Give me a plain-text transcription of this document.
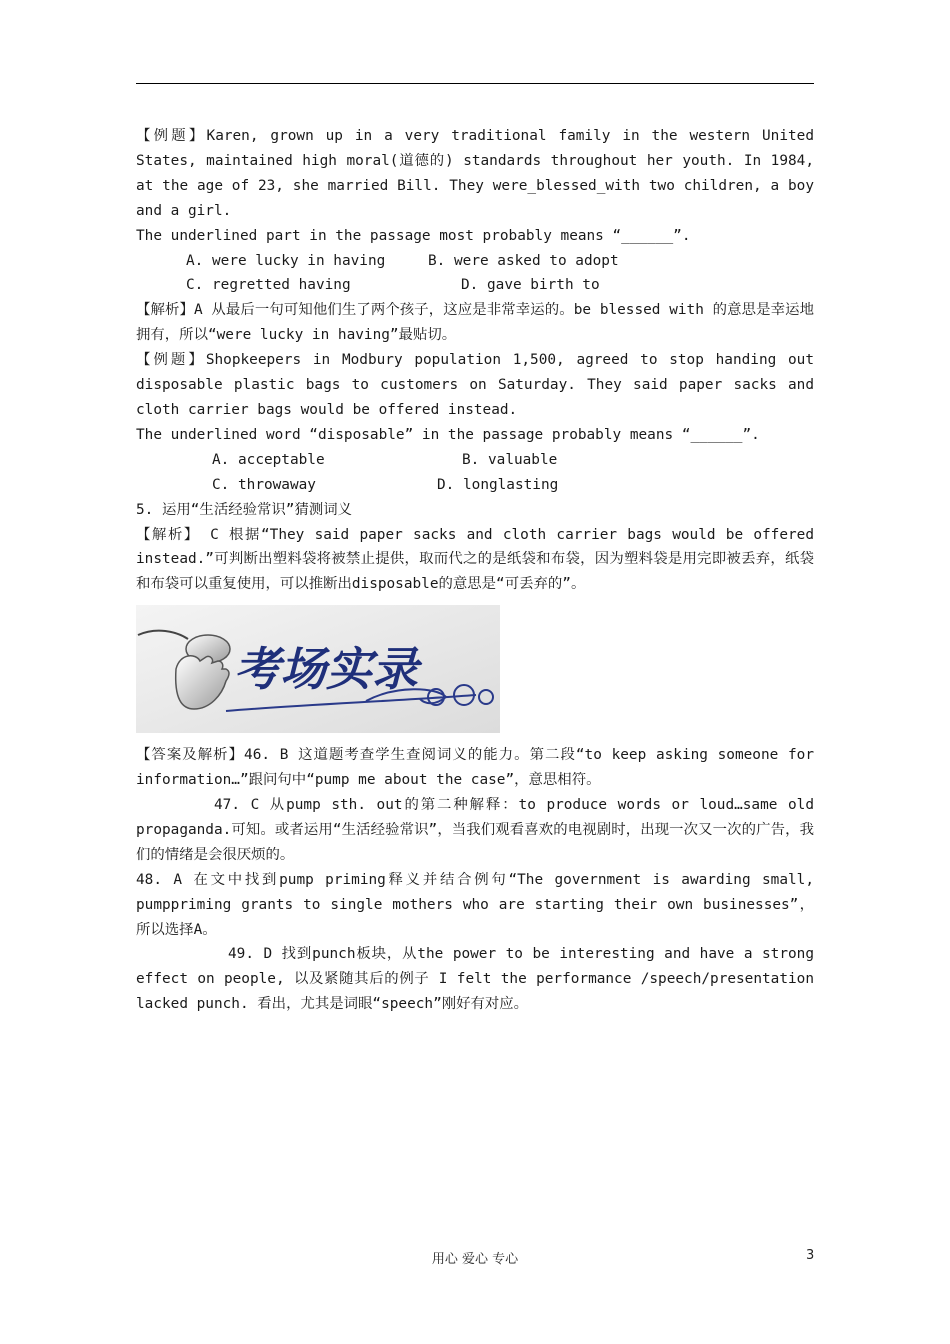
【例题】Karen, grown up in a very traditional family in the western United States, maintained high moral(道德的) standards throughout her youth. In 1984, at the age of 23, she married Bill. They were_blessed_with two children, a boy and a girl.

The underlined part in the passage most probably means “______”.

A. were lucky in having	B. were asked to adopt

C. regretted having	D. gave birth to

【解析】A 从最后一句可知他们生了两个孩子，这应是非常幸运的。be blessed with 的意思是幸运地拥有，所以“were lucky in having”最贴切。

【例题】Shopkeepers in Modbury population 1,500, agreed to stop handing out disposable plastic bags to customers on Saturday. They said paper sacks and cloth carrier bags would be offered instead.

The underlined word “disposable” in the passage probably means “______”.

A. acceptable	B. valuable

C. throwaway	D. longlasting

5. 运用“生活经验常识”猜测词义

【解析】 C 根据“They said paper sacks and cloth carrier bags would be offered instead.”可判断出塑料袋将被禁止提供，取而代之的是纸袋和布袋，因为塑料袋是用完即被丢弃，纸袋和布袋可以重复使用，可以推断出disposable的意思是“可丢弃的”。

考场实录

【答案及解析】46. B 这道题考查学生查阅词义的能力。第二段“to keep asking someone for information…”跟问句中“pump me about the case”，意思相符。

47. C 从pump sth. out的第二种解释：to produce words or loud…same old propaganda.可知。或者运用“生活经验常识”，当我们观看喜欢的电视剧时，出现一次又一次的广告，我们的情绪是会很厌烦的。

48. A 在文中找到pump priming释义并结合例句“The government is awarding small, pumppriming grants to single mothers who are starting their own businesses”，所以选择A。

49. D 找到punch板块，从the power to be interesting and have a strong effect on people, 以及紧随其后的例子 I felt the performance /speech/presentation lacked punch. 看出，尤其是词眼“speech”刚好有对应。

用心 爱心 专心	3
